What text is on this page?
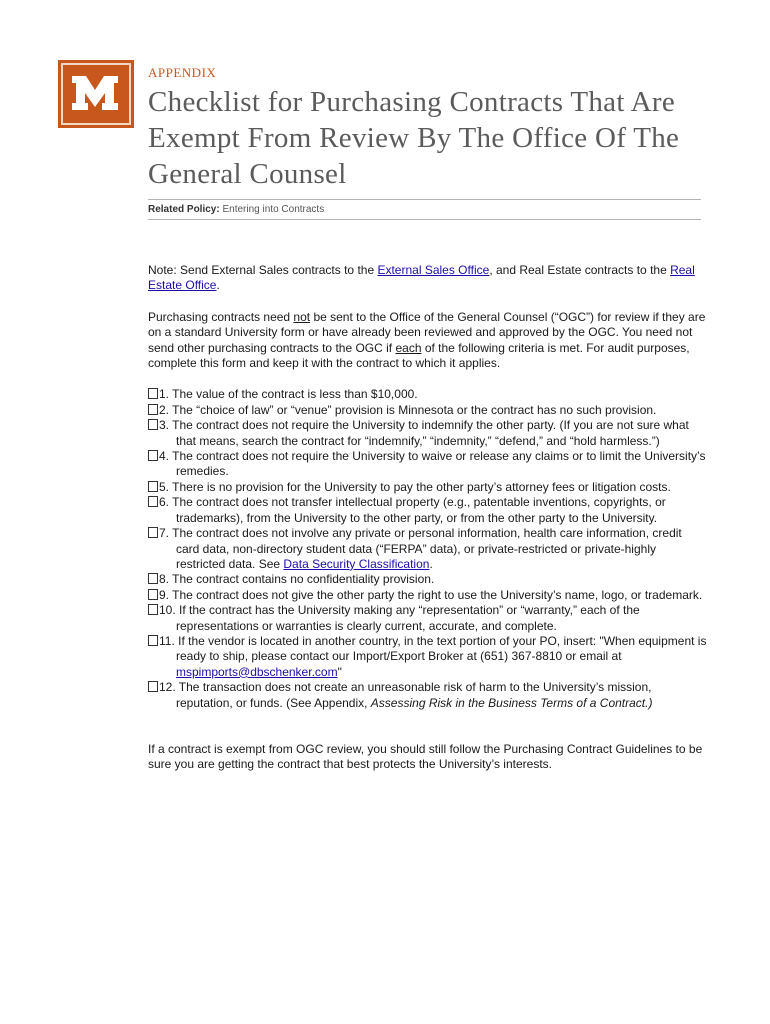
APPENDIX
Checklist for Purchasing Contracts That Are Exempt From Review By The Office Of The General Counsel
Related Policy: Entering into Contracts

Note: Send External Sales contracts to the External Sales Office, and Real Estate contracts to the Real Estate Office.

Purchasing contracts need not be sent to the Office of the General Counsel (“OGC”) for review if they are on a standard University form or have already been reviewed and approved by the OGC. You need not send other purchasing contracts to the OGC if each of the following criteria is met. For audit purposes, complete this form and keep it with the contract to which it applies.

1. The value of the contract is less than $10,000.
2. The “choice of law” or “venue” provision is Minnesota or the contract has no such provision.
3. The contract does not require the University to indemnify the other party. (If you are not sure what that means, search the contract for “indemnify,” “indemnity,” “defend,” and “hold harmless.”)
4. The contract does not require the University to waive or release any claims or to limit the University’s remedies.
5. There is no provision for the University to pay the other party’s attorney fees or litigation costs.
6. The contract does not transfer intellectual property (e.g., patentable inventions, copyrights, or trademarks), from the University to the other party, or from the other party to the University.
7. The contract does not involve any private or personal information, health care information, credit card data, non-directory student data (“FERPA” data), or private-restricted or private-highly restricted data. See Data Security Classification.
8. The contract contains no confidentiality provision.
9. The contract does not give the other party the right to use the University’s name, logo, or trademark.
10. If the contract has the University making any “representation” or “warranty,” each of the representations or warranties is clearly current, accurate, and complete.
11. If the vendor is located in another country, in the text portion of your PO, insert: "When equipment is ready to ship, please contact our Import/Export Broker at (651) 367-8810 or email at mspimports@dbschenker.com"
12. The transaction does not create an unreasonable risk of harm to the University’s mission, reputation, or funds. (See Appendix, Assessing Risk in the Business Terms of a Contract.)

If a contract is exempt from OGC review, you should still follow the Purchasing Contract Guidelines to be sure you are getting the contract that best protects the University’s interests.
